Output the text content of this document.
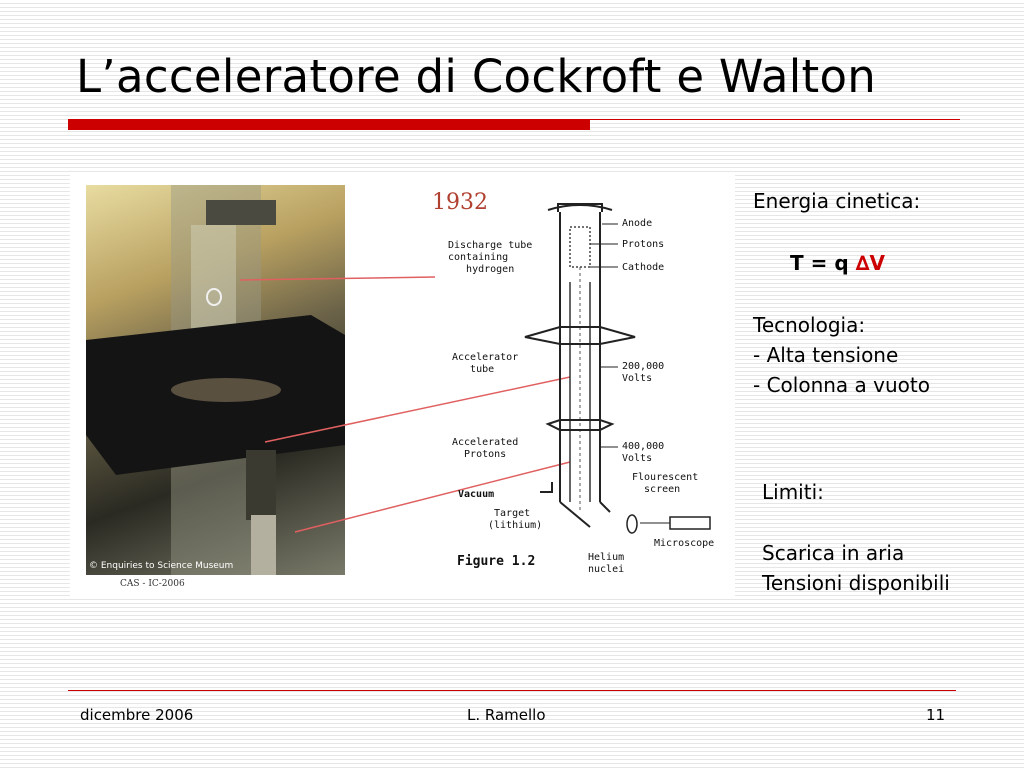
L’acceleratore di Cockroft e Walton
© Enquiries to Science Museum
CAS - IC-2006
1932
Anode
Protons
Cathode
Discharge tube
containing
hydrogen
Accelerator
tube	200,000
Volts
Accelerated
Protons
400,000
Volts
Flourescent
screen
Vacuum
Target
(lithium)
Microscope
Helium
nuclei
Figure 1.2

Energia cinetica:

T = q ∆V

Tecnologia:

- Alta tensione

- Colonna a vuoto

Limiti:

Scarica in aria

Tensioni disponibili

dicembre 2006	L. Ramello	11
